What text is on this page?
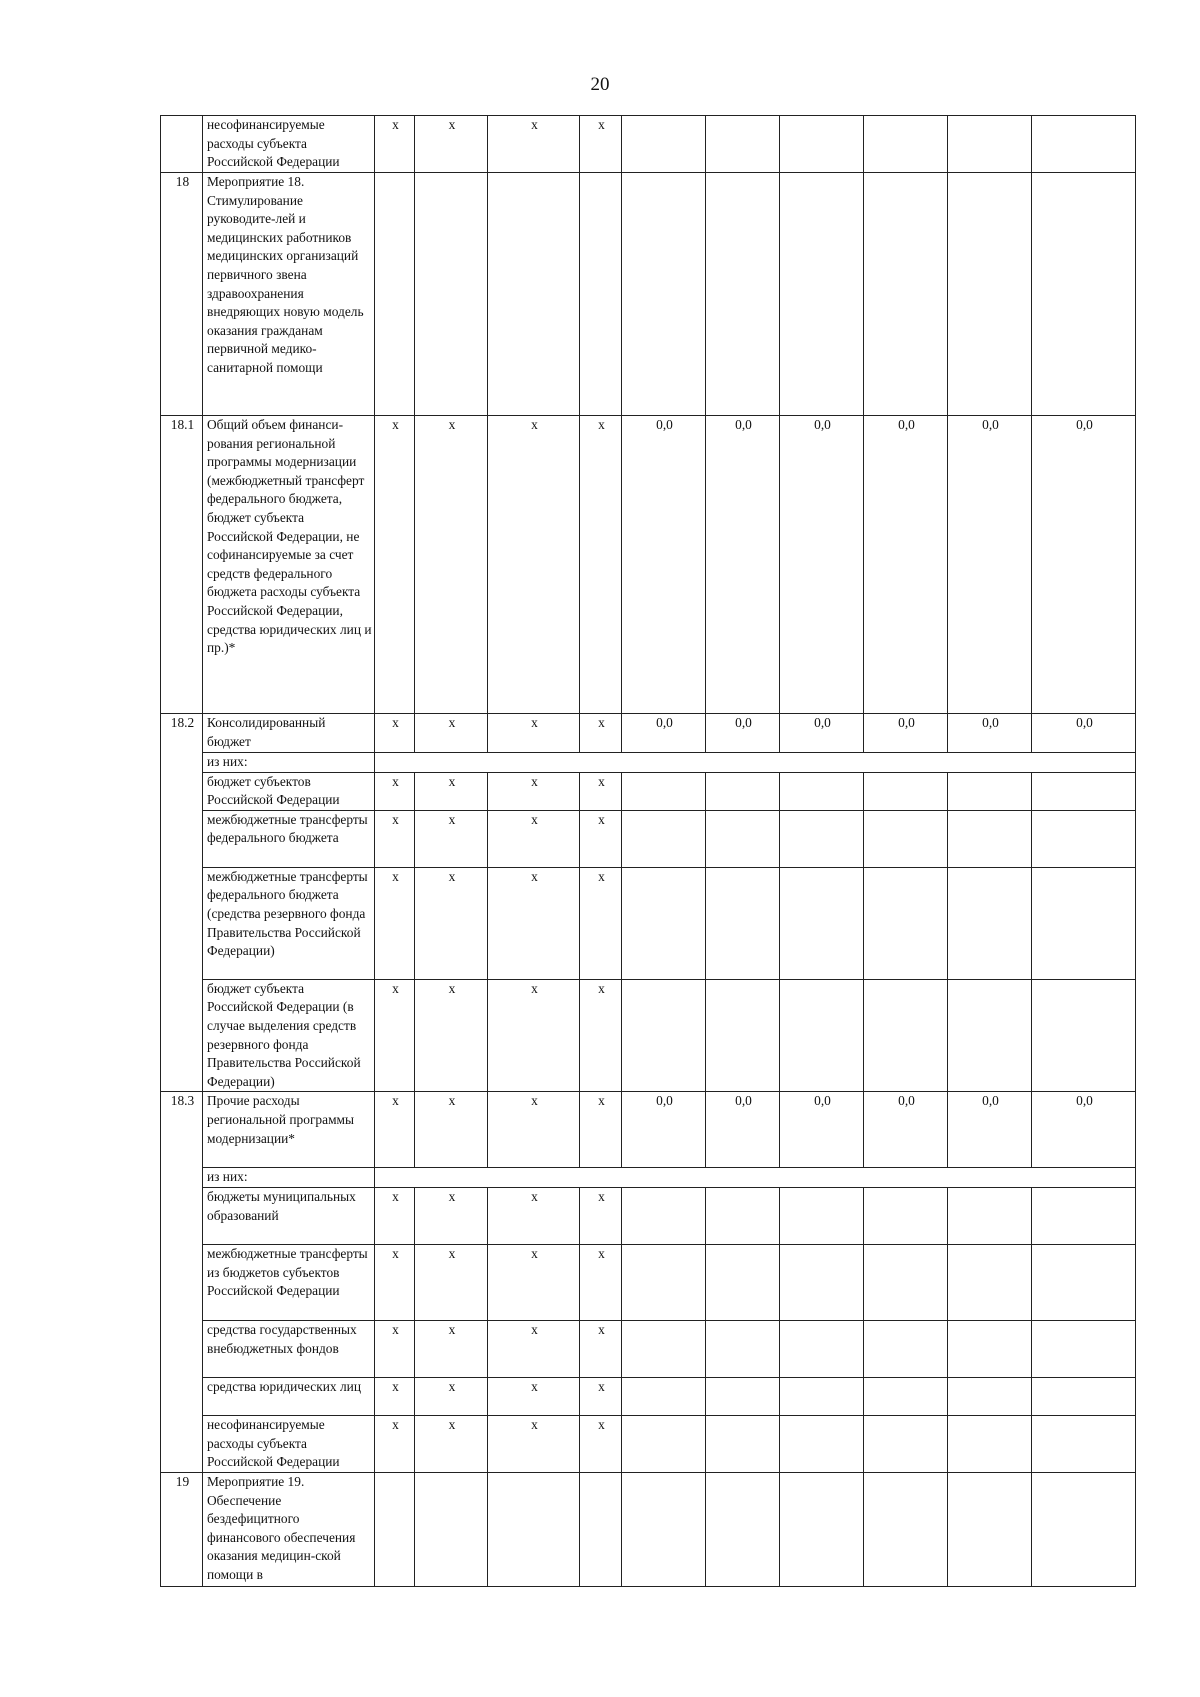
20
	несофинансируемые расходы субъекта Российской Федерации	х	х	х	х						
18	Мероприятие 18. Стимулирование руководите-лей и медицинских работников медицинских организаций первичного звена здравоохранения внедряющих новую модель оказания гражданам первичной медико-санитарной помощи										
18.1	Общий объем финанси-рования региональной программы модернизации (межбюджетный трансферт федерального бюджета, бюджет субъекта Российской Федерации, не софинансируемые за счет средств федерального бюджета расходы субъекта Российской Федерации, средства юридических лиц и пр.)*	х	х	х	х	0,0	0,0	0,0	0,0	0,0	0,0
18.2	Консолидированный бюджет	х	х	х	х	0,0	0,0	0,0	0,0	0,0	0,0
	из них:										
	бюджет субъектов Российской Федерации	х	х	х	х						
	межбюджетные трансферты федерального бюджета	х	х	х	х						
	межбюджетные трансферты федерального бюджета (средства резервного фонда Правительства Российской Федерации)	х	х	х	х						
	бюджет субъекта Российской Федерации (в случае выделения средств резервного фонда Правительства Российской Федерации)	х	х	х	х						
18.3	Прочие расходы региональной программы модернизации*	х	х	х	х	0,0	0,0	0,0	0,0	0,0	0,0
	из них:										
	бюджеты муниципальных образований	х	х	х	х						
	межбюджетные трансферты из бюджетов субъектов Российской Федерации	х	х	х	х						
	средства государственных внебюджетных фондов	х	х	х	х						
	средства юридических лиц	х	х	х	х						
	несофинансируемые расходы субъекта Российской Федерации	х	х	х	х						
19	Мероприятие 19. Обеспечение бездефицитного финансового обеспечения оказания медицин-ской помощи в										
